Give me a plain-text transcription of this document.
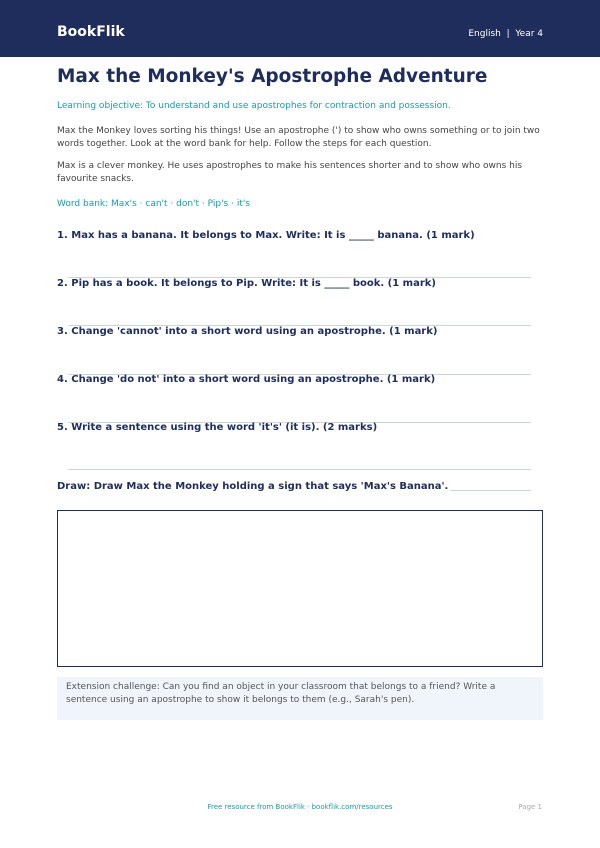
BookFlik	English  |  Year 4
Max the Monkey's Apostrophe Adventure
Learning objective: To understand and use apostrophes for contraction and possession.
Max the Monkey loves sorting his things! Use an apostrophe (') to show who owns something or to join two words together. Look at the word bank for help. Follow the steps for each question.
Max is a clever monkey. He uses apostrophes to make his sentences shorter and to show who owns his favourite snacks.
Word bank: Max's · can't · don't · Pip's · it's
1. Max has a banana. It belongs to Max. Write: It is _____ banana. (1 mark)
2. Pip has a book. It belongs to Pip. Write: It is _____ book. (1 mark)
3. Change 'cannot' into a short word using an apostrophe. (1 mark)
4. Change 'do not' into a short word using an apostrophe. (1 mark)
5. Write a sentence using the word 'it's' (it is). (2 marks)
Draw: Draw Max the Monkey holding a sign that says 'Max's Banana'.
Extension challenge: Can you find an object in your classroom that belongs to a friend? Write a sentence using an apostrophe to show it belongs to them (e.g., Sarah's pen).
Free resource from BookFlik · bookflik.com/resources	Page 1
